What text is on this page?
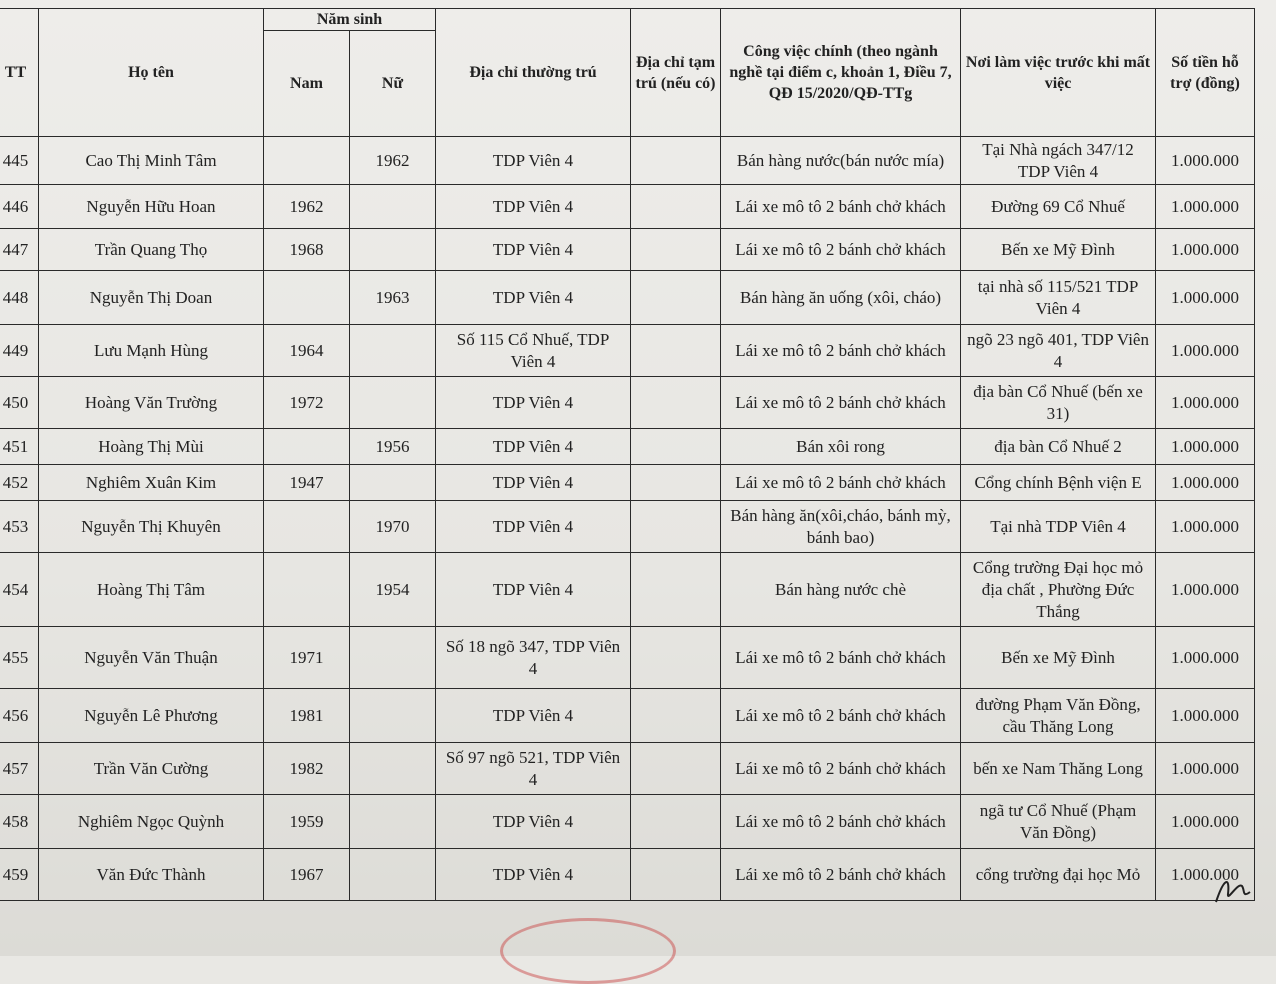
TT	Họ tên	Năm sinh		Địa chỉ thường trú	Địa chỉ tạm trú (nếu có)	Công việc chính (theo ngành nghề tại điểm c, khoản 1, Điều 7, QĐ 15/2020/QĐ-TTg	Nơi làm việc trước khi mất việc	Số tiền hỗ trợ (đồng)
		Nam	Nữ					
445	Cao Thị Minh Tâm		1962	TDP Viên 4		Bán hàng nước(bán nước mía)	Tại Nhà ngách 347/12 TDP Viên 4	1.000.000
446	Nguyễn Hữu Hoan	1962		TDP Viên 4		Lái xe mô tô 2 bánh chở khách	Đường 69 Cổ Nhuế	1.000.000
447	Trần Quang Thọ	1968		TDP Viên 4		Lái xe mô tô 2 bánh chở khách	Bến xe Mỹ Đình	1.000.000
448	Nguyễn Thị Doan		1963	TDP Viên 4		Bán hàng ăn uống (xôi, cháo)	tại nhà số 115/521 TDP Viên 4	1.000.000
449	Lưu Mạnh Hùng	1964		Số 115 Cổ Nhuế, TDP Viên 4		Lái xe mô tô 2 bánh chở khách	ngõ 23 ngõ 401, TDP Viên 4	1.000.000
450	Hoàng Văn Trường	1972		TDP Viên 4		Lái xe mô tô 2 bánh chở khách	địa bàn Cổ Nhuế (bến xe 31)	1.000.000
451	Hoàng Thị Mùi		1956	TDP Viên 4		Bán xôi rong	địa bàn Cổ Nhuế 2	1.000.000
452	Nghiêm Xuân Kim	1947		TDP Viên 4		Lái xe mô tô 2 bánh chở khách	Cổng chính Bệnh viện E	1.000.000
453	Nguyễn Thị Khuyên		1970	TDP Viên 4		Bán hàng ăn(xôi,cháo, bánh mỳ, bánh bao)	Tại nhà TDP Viên 4	1.000.000
454	Hoàng Thị Tâm		1954	TDP Viên 4		Bán hàng nước chè	Cổng trường Đại học mỏ địa chất , Phường Đức Thắng	1.000.000
455	Nguyễn Văn Thuận	1971		Số 18 ngõ 347, TDP Viên 4		Lái xe mô tô 2 bánh chở khách	Bến xe Mỹ Đình	1.000.000
456	Nguyễn Lê Phương	1981		TDP Viên 4		Lái xe mô tô 2 bánh chở khách	đường Phạm Văn Đồng, cầu Thăng Long	1.000.000
457	Trần Văn Cường	1982		Số 97 ngõ 521, TDP Viên 4		Lái xe mô tô 2 bánh chở khách	bến xe Nam Thăng Long	1.000.000
458	Nghiêm Ngọc Quỳnh	1959		TDP Viên 4		Lái xe mô tô 2 bánh chở khách	ngã tư Cổ Nhuế (Phạm Văn Đồng)	1.000.000
459	Văn Đức Thành	1967		TDP Viên 4		Lái xe mô tô 2 bánh chở khách	cổng trường đại học Mỏ	1.000.000
